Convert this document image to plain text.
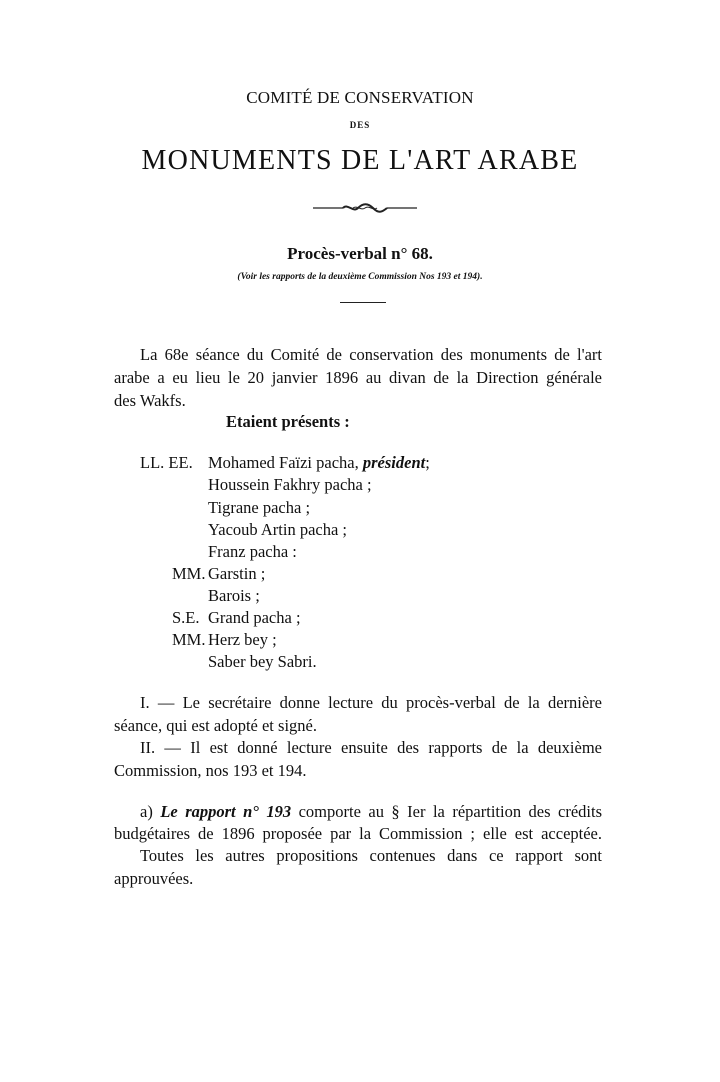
COMITÉ DE CONSERVATION
DES
MONUMENTS DE L'ART ARABE
Procès-verbal n° 68.
(Voir les rapports de la deuxième Commission Nos 193 et 194).
La 68e séance du Comité de conservation des monuments de l'art
arabe a eu lieu le 20 janvier 1896 au divan de la Direction générale
des Wakfs.
Etaient présents :
LL. EE. Mohamed Faïzi pacha, président;
Houssein Fakhry pacha ;
Tigrane pacha ;
Yacoub Artin pacha ;
Franz pacha :
MM. Garstin ;
Barois ;
S.E. Grand pacha ;
MM. Herz bey ;
Saber bey Sabri.
I. — Le secrétaire donne lecture du procès-verbal de la dernière
séance, qui est adopté et signé.
II. — Il est donné lecture ensuite des rapports de la deuxième
Commission, nos 193 et 194.
a) Le rapport n° 193 comporte au § Ier la répartition des crédits
budgétaires de 1896 proposée par la Commission ; elle est acceptée.
Toutes les autres propositions contenues dans ce rapport sont
approuvées.
